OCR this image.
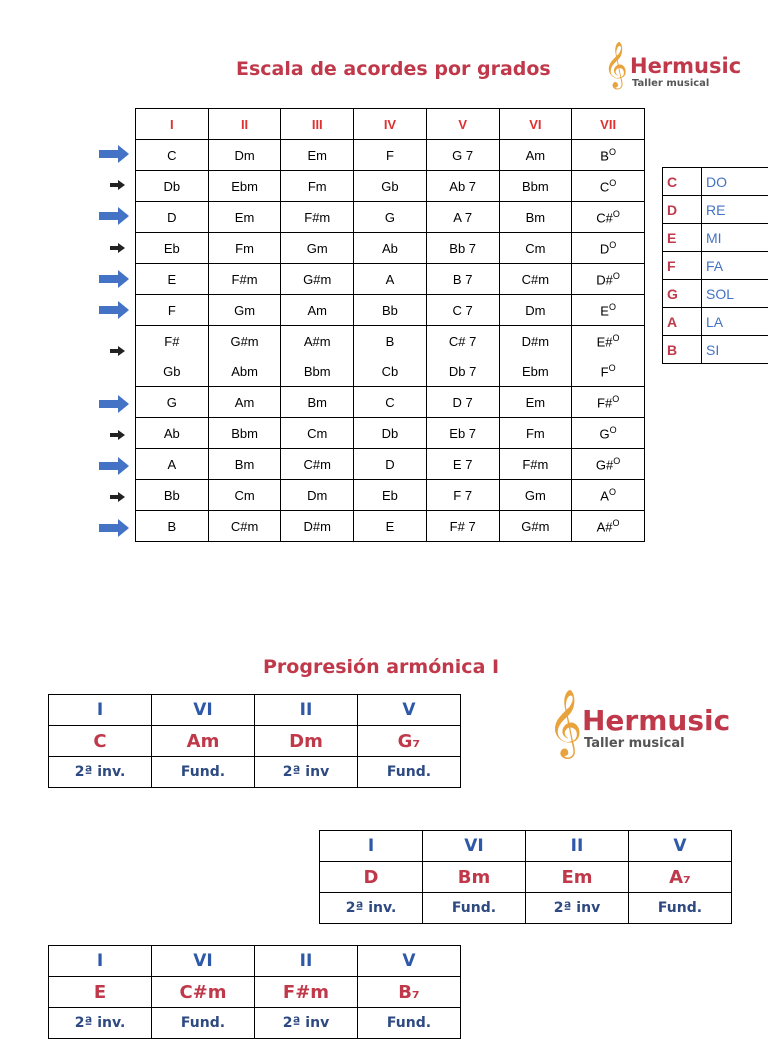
Escala de acordes por grados 𝄞 Hermusic
Taller musical
I	II	III	IV	V	VI	VII
C	Dm	Em	F	G 7	Am	$B^O$
Db	Ebm	Fm	Gb	Ab 7	Bbm	$C^O$
D	Em	F#m	G	A 7	Bm	C#$^O$
Eb	Fm	Gm	Ab	Bb 7	Cm	$D^O$
E	F#m	G#m	A	B 7	C#m	D#$^O$
F	Gm	Am	Bb	C 7	Dm	$E^O$
F#	G#m	A#m	B	C# 7	D#m	E#$^O$
Gb	Abm	Bbm	Cb	Db 7	Ebm	$F^O$
G	Am	Bm	C	D 7	Em	F#$^O$
Ab	Bbm	Cm	Db	Eb 7	Fm	$G^O$
A	Bm	C#m	D	E 7	F#m	G#$^O$
Bb	Cm	Dm	Eb	F 7	Gm	$A^O$
B	C#m	D#m	E	F# 7	G#m	A#$^O$
C	DO
D	RE
E	MI
F	FA
G	SOL
A	LA
B	SI
Progresión armónica I
𝄞 Hermusic
Taller musical
I	VI	II	V
C	Am	Dm	G₇
2ª inv.	Fund.	2ª inv	Fund.
I	VI	II	V
D	Bm	Em	A₇
2ª inv.	Fund.	2ª inv	Fund.
I	VI	II	V
E	C#m	F#m	B₇
2ª inv.	Fund.	2ª inv	Fund.
